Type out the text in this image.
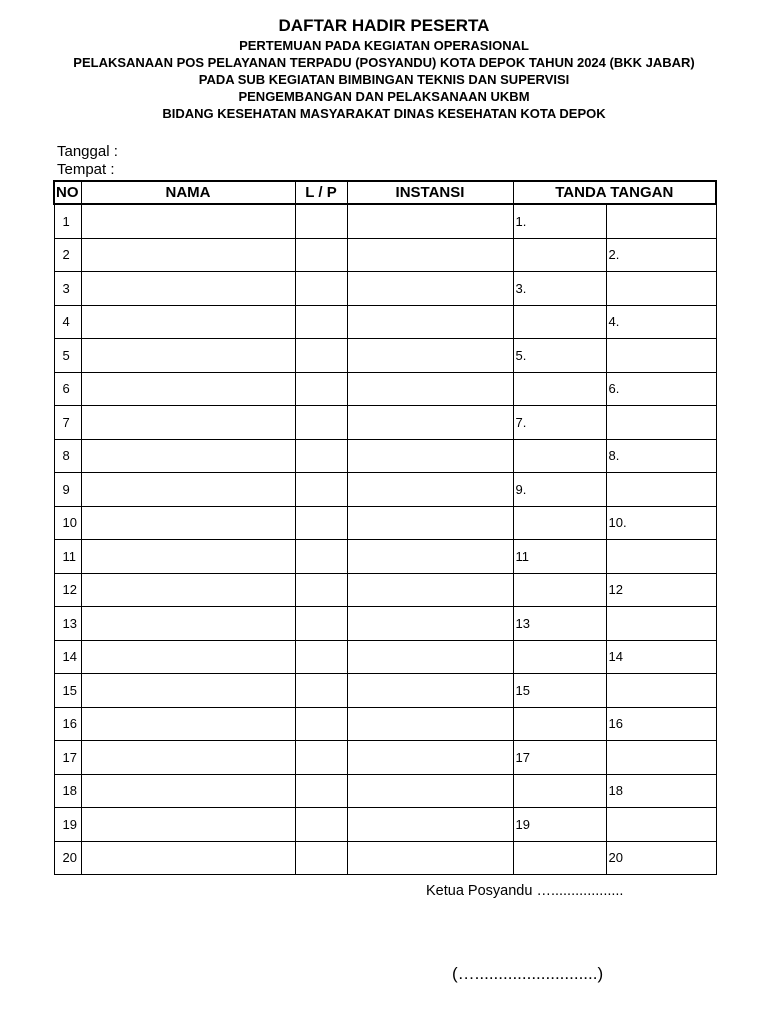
DAFTAR HADIR PESERTA
PERTEMUAN PADA KEGIATAN OPERASIONAL
PELAKSANAAN POS PELAYANAN TERPADU (POSYANDU) KOTA DEPOK TAHUN 2024 (BKK JABAR)
PADA SUB KEGIATAN BIMBINGAN TEKNIS DAN SUPERVISI
PENGEMBANGAN DAN PELAKSANAAN UKBM
BIDANG KESEHATAN MASYARAKAT DINAS KESEHATAN KOTA DEPOK
Tanggal :
Tempat :
NO	NAMA	L / P	INSTANSI	TANDA TANGAN	
1				1.	
2					2.
3				3.	
4					4.
5				5.	
6					6.
7				7.	
8					8.
9				9.	
10					10.
11				11	
12					12
13				13	
14					14
15				15	
16					16
17				17	
18					18
19				19	
20					20
Ketua Posyandu …..................
(…..........................)
